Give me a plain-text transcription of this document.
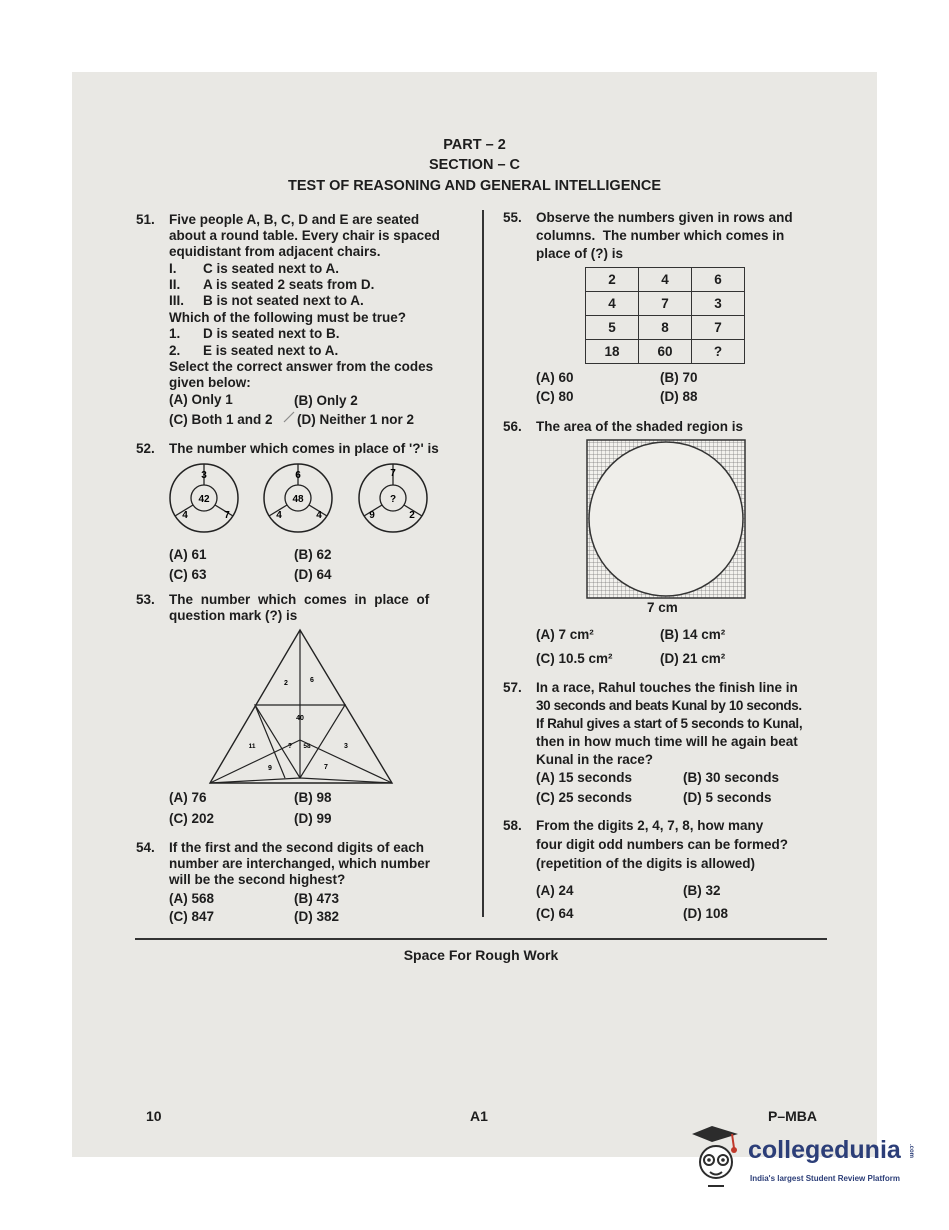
PART – 2
SECTION – C
TEST OF REASONING AND GENERAL INTELLIGENCE
51. Five people A, B, C, D and E are seated
about a round table. Every chair is spaced
equidistant from adjacent chairs.
I. C is seated next to A.
II. A is seated 2 seats from D.
III. B is not seated next to A.
Which of the following must be true?
1. D is seated next to B.
2. E is seated next to A.
Select the correct answer from the codes
given below:
(A) Only 1	(B) Only 2
(C) Both 1 and 2 (D) Neither 1 nor 2
52. The number which comes in place of '?' is
3
4	7
42
6
4	4
48
7
9	2
?
(A) 61	(B) 62
(C) 63	(D) 64
53. The number which comes in place of
question mark (?) is
2	6
40
11	? 58	3
9	7
(A) 76	(B) 98
(C) 202	(D) 99
54. If the first and the second digits of each
number are interchanged, which number
will be the second highest?
(A) 568	(B) 473
(C) 847	(D) 382
55. Observe the numbers given in rows and
columns.  The number which comes in
place of (?) is
2	4	6
4	7	3
5	8	7
18	60	?
(A) 60	(B) 70
(C) 80	(D) 88
56. The area of the shaded region is
7 cm
(A) 7 cm²	(B) 14 cm²
(C) 10.5 cm²	(D) 21 cm²
57. In a race, Rahul touches the finish line in
30 seconds and beats Kunal by 10 seconds.
If Rahul gives a start of 5 seconds to Kunal,
then in how much time will he again beat
Kunal in the race?
(A) 15 seconds	(B) 30 seconds
(C) 25 seconds	(D) 5 seconds
58. From the digits 2, 4, 7, 8, how many
four digit odd numbers can be formed?
(repetition of the digits is allowed)
(A) 24	(B) 32
(C) 64	(D) 108
Space For Rough Work
10	A1	P–MBA
collegedunia .com
India's largest Student Review Platform
